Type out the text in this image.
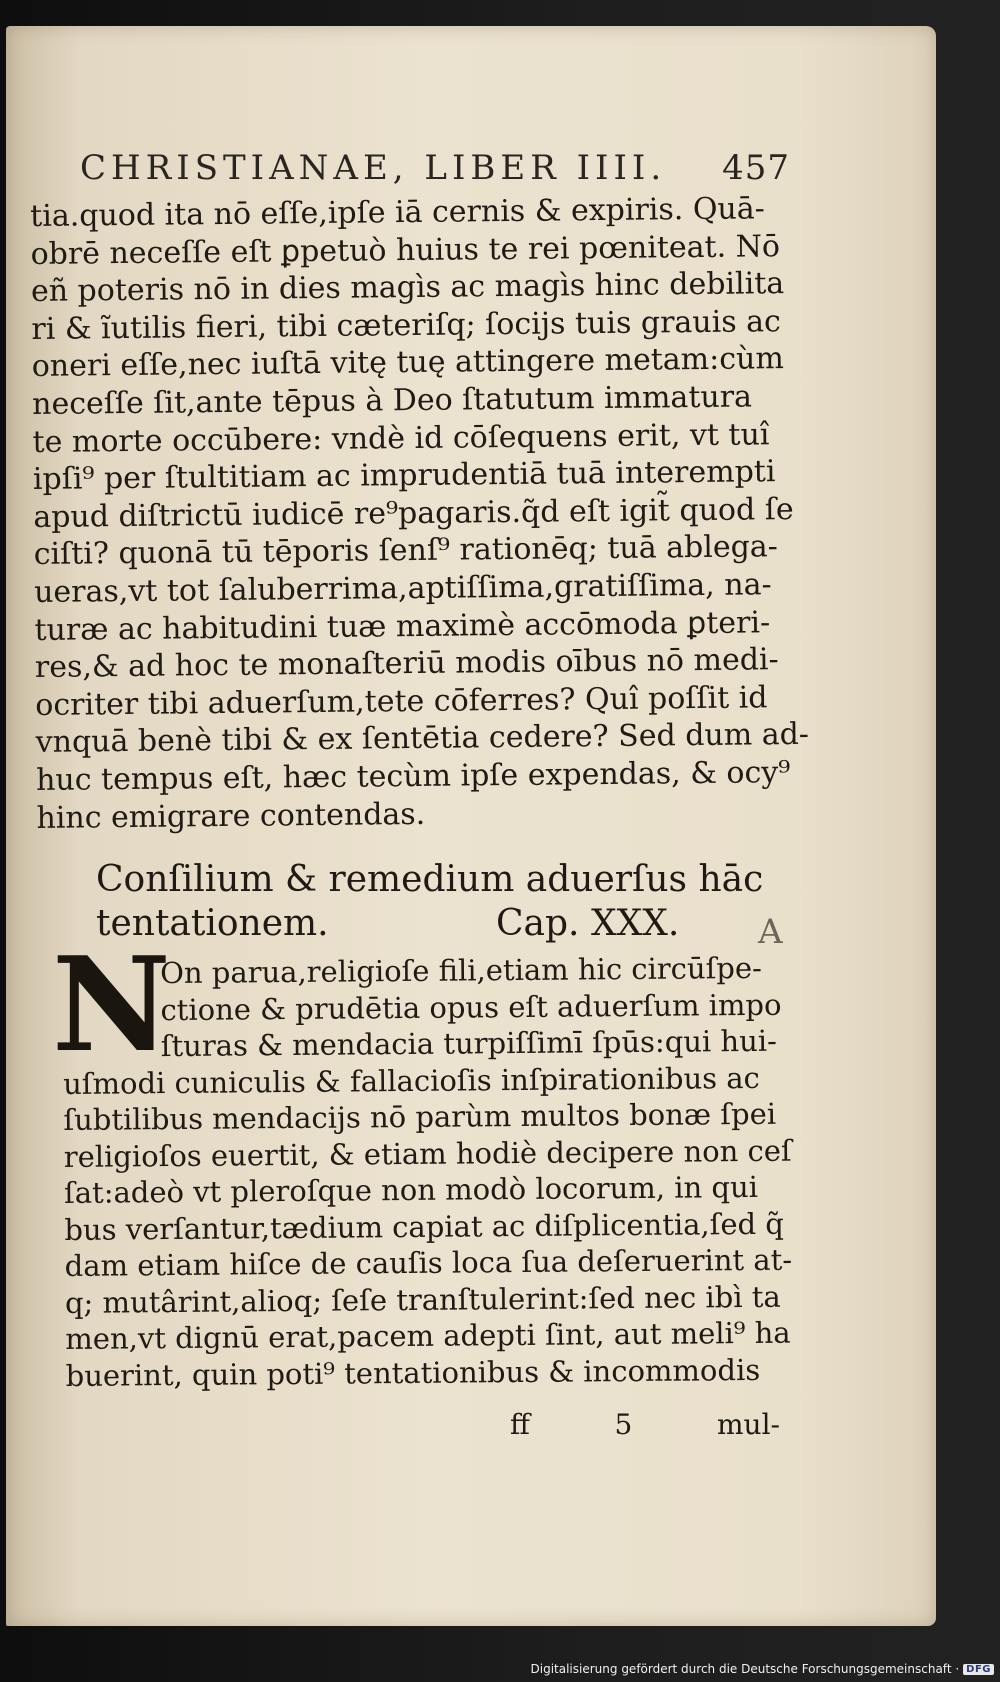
CHRISTIANAE, LIBER IIII. 457
tia.quod ita nō eſſe,ipſe iā cernis & expiris. Quā-
obrē neceſſe eſt ꝑpetuò huius te rei pœniteat. Nō
eñ poteris nō in dies magìs ac magìs hinc debilita
ri & ĩutilis fieri, tibi cæteriſq; ſocijs tuis grauis ac
oneri eſſe,nec iuſtā vitę tuę attingere metam:cùm
neceſſe ſit,ante tēpus à Deo ſtatutum immatura
te morte occūbere: vndè id cōſequens erit, vt tuî
ipſi⁹ per ſtultitiam ac imprudentiā tuā interempti
apud diſtrictū iudicē re⁹pagaris.q̃d eſt igit̃ quod ſe
ciſti? quonā tū tēporis ſenſ⁹ rationēq; tuā ablega-
ueras,vt tot ſaluberrima,aptiſſima,gratiſſima, na-
turæ ac habitudini tuæ maximè accōmoda ꝑteri-
res,& ad hoc te monaſteriū modis oībus nō medi-
ocriter tibi aduerſum,tete cōferres? Quî poſſit id
vnquā benè tibi & ex ſentētia cedere? Sed dum ad-
huc tempus eſt, hæc tecùm ipſe expendas, & ocy⁹
hinc emigrare contendas.
Conſilium & remedium aduerſus hāc
tentationem.	Cap. XXX. A
N
On parua,religioſe fili,etiam hic circūſpe-
ctione & prudētia opus eſt aduerſum impo
ſturas & mendacia turpiſſimī ſpūs:qui hui-
uſmodi cuniculis & fallacioſis inſpirationibus ac
ſubtilibus mendacijs nō parùm multos bonæ ſpei
religioſos euertit, & etiam hodiè decipere non ceſ
ſat:adeò vt pleroſque non modò locorum, in qui
bus verſantur,tædium capiat ac diſplicentia,ſed q̃
dam etiam hiſce de cauſis loca ſua deſeruerint at-
q; mutârint,alioq; ſeſe tranſtulerint:ſed nec ibì ta
men,vt dignū erat,pacem adepti ſint, aut meli⁹ ha
buerint, quin poti⁹ tentationibus & incommodis
ff	5	mul-
Digitalisierung gefördert durch die Deutsche Forschungsgemeinschaft · DFG
